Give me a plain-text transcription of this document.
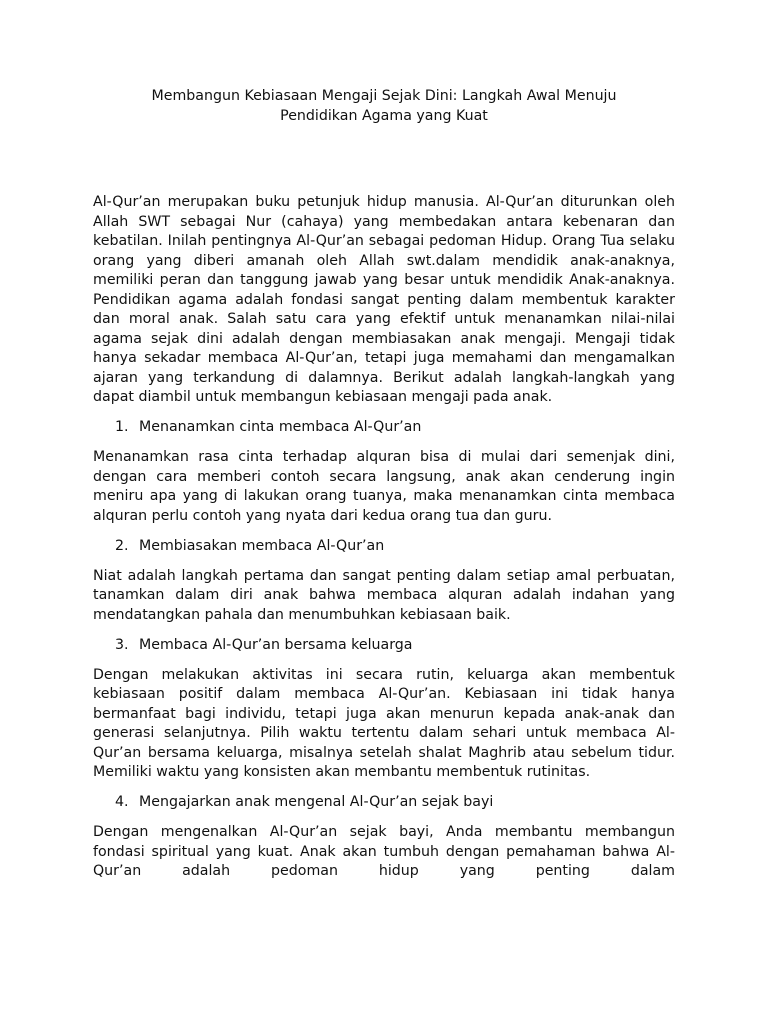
Membangun Kebiasaan Mengaji Sejak Dini: Langkah Awal Menuju
Pendidikan Agama yang Kuat

Al-Qur’an merupakan buku petunjuk hidup manusia. Al-Qur’an diturunkan oleh Allah SWT sebagai Nur (cahaya) yang membedakan antara kebenaran dan kebatilan. Inilah pentingnya Al-Qur’an sebagai pedoman Hidup. Orang Tua selaku orang yang diberi amanah oleh Allah swt.dalam mendidik anak-anaknya, memiliki peran dan tanggung jawab yang besar untuk mendidik Anak-anaknya. Pendidikan agama adalah fondasi sangat penting dalam membentuk karakter dan moral anak. Salah satu cara yang efektif untuk menanamkan nilai-nilai agama sejak dini adalah dengan membiasakan anak mengaji. Mengaji tidak hanya sekadar membaca Al-Qur’an, tetapi juga memahami dan mengamalkan ajaran yang terkandung di dalamnya. Berikut adalah langkah-langkah yang dapat diambil untuk membangun kebiasaan mengaji pada anak.

1. Menanamkan cinta membaca Al-Qur’an

Menanamkan rasa cinta terhadap alquran bisa di mulai dari semenjak dini, dengan cara memberi contoh secara langsung, anak akan cenderung ingin meniru apa yang di lakukan orang tuanya, maka menanamkan cinta membaca alquran perlu contoh yang nyata dari kedua orang tua dan guru.

2. Membiasakan membaca Al-Qur’an

Niat adalah langkah pertama dan sangat penting dalam setiap amal perbuatan, tanamkan dalam diri anak bahwa membaca alquran adalah indahan yang mendatangkan pahala dan menumbuhkan kebiasaan baik.

3. Membaca Al-Qur’an bersama keluarga

Dengan melakukan aktivitas ini secara rutin, keluarga akan membentuk kebiasaan positif dalam membaca Al-Qur’an. Kebiasaan ini tidak hanya bermanfaat bagi individu, tetapi juga akan menurun kepada anak-anak dan generasi selanjutnya. Pilih waktu tertentu dalam sehari untuk membaca Al-Qur’an bersama keluarga, misalnya setelah shalat Maghrib atau sebelum tidur. Memiliki waktu yang konsisten akan membantu membentuk rutinitas.

4. Mengajarkan anak mengenal Al-Qur’an sejak bayi

Dengan mengenalkan Al-Qur’an sejak bayi, Anda membantu membangun fondasi spiritual yang kuat. Anak akan tumbuh dengan pemahaman bahwa Al-Qur’an adalah pedoman hidup yang penting dalam
